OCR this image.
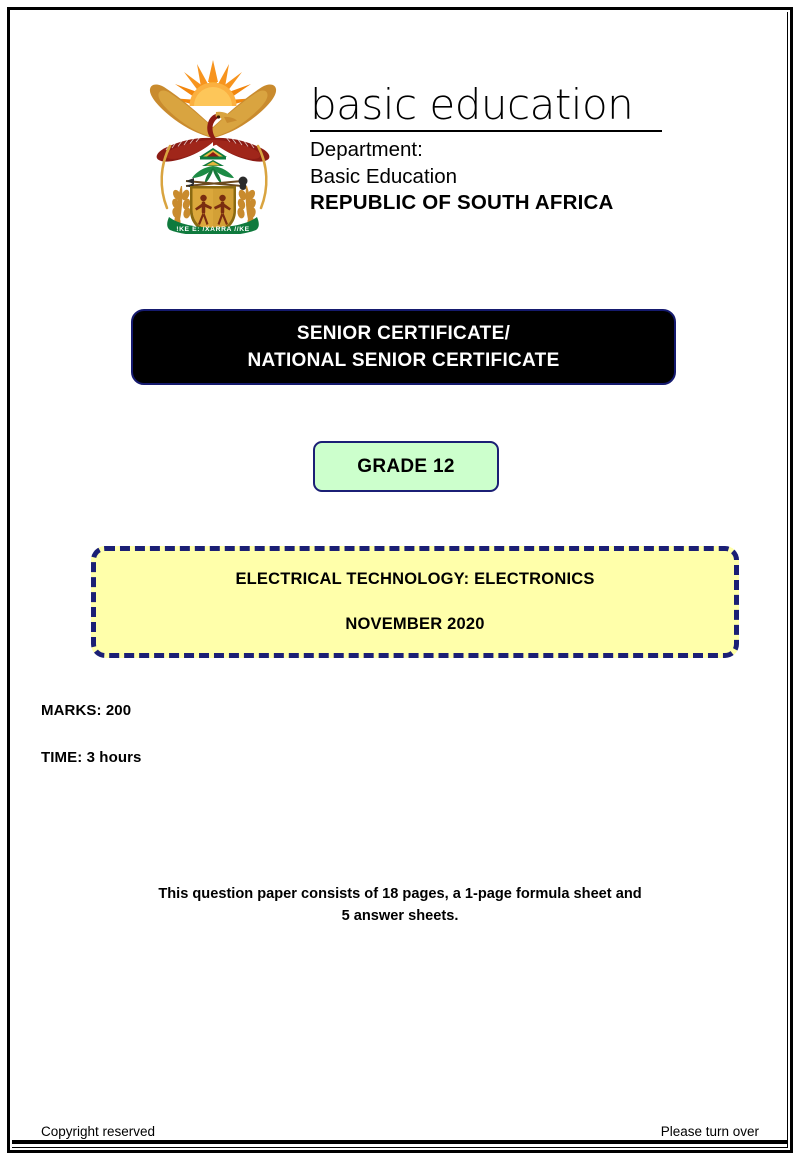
!KE E: /XARRA //KE
basic education
Department:
Basic Education
REPUBLIC OF SOUTH AFRICA
SENIOR CERTIFICATE/
NATIONAL SENIOR CERTIFICATE
GRADE 12
ELECTRICAL TECHNOLOGY: ELECTRONICS
NOVEMBER 2020
MARKS: 200
TIME: 3 hours
This question paper consists of 18 pages, a 1-page formula sheet and
5 answer sheets.
Copyright reserved	Please turn over
